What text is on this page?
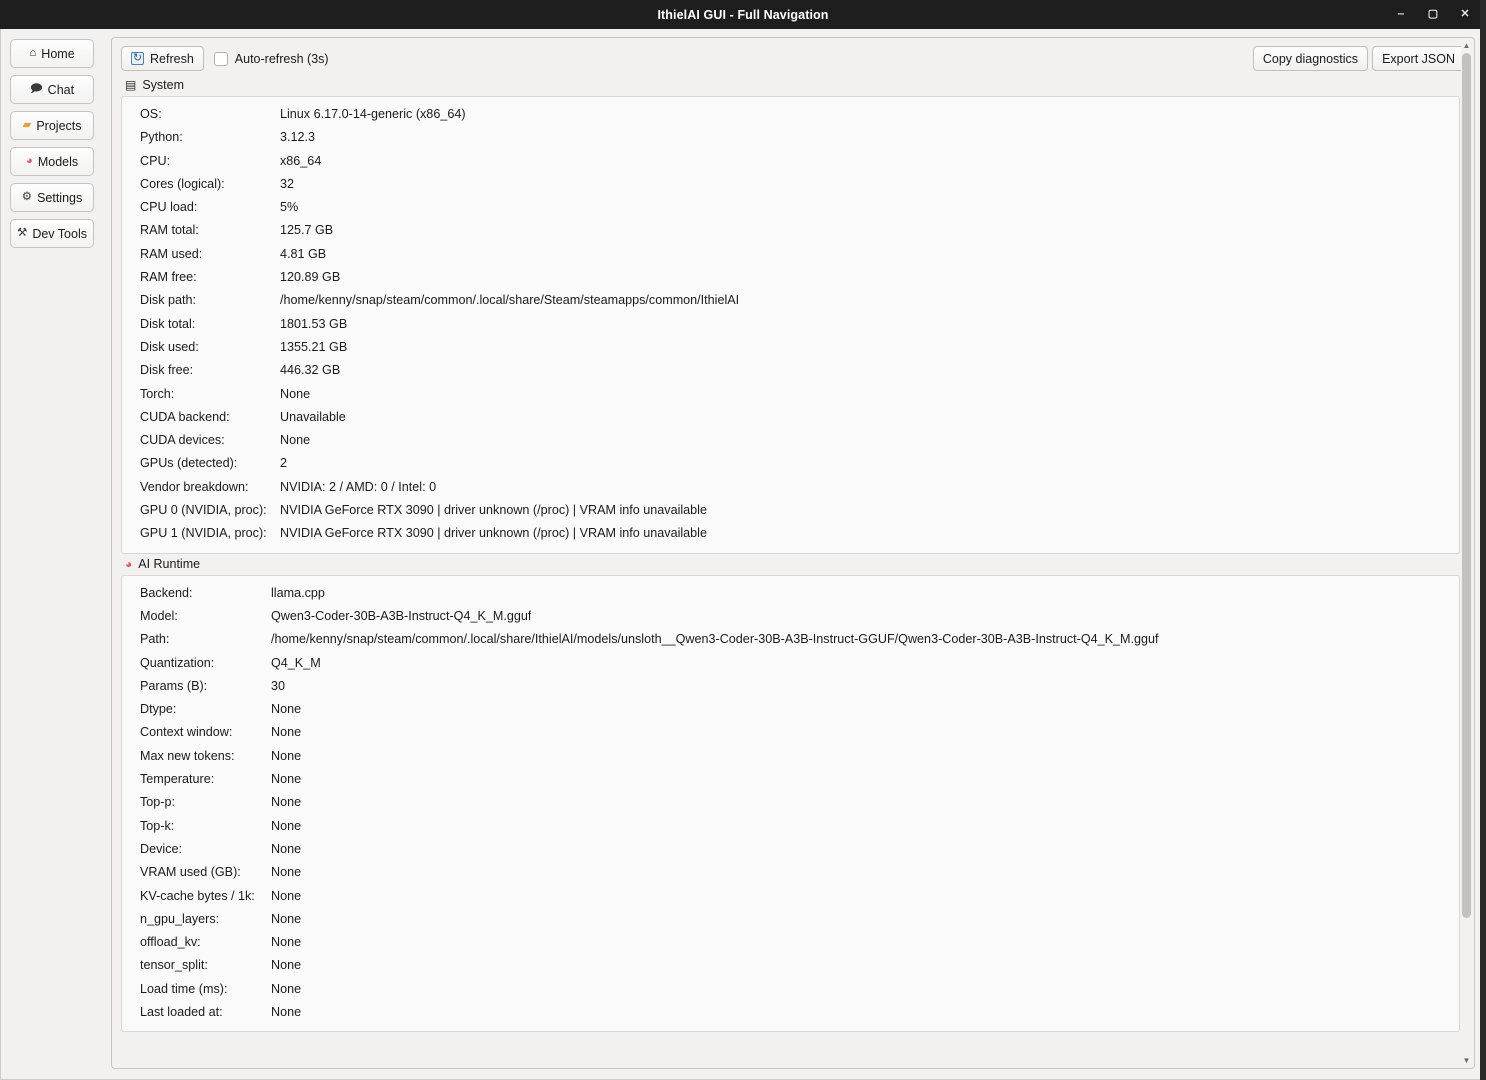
IthielAI GUI - Full Navigation	‒	▢	✕
⌂ Home
🗩 Chat
▰ Projects
◕ Models
⚙ Settings
⚒ Dev Tools
↻
Refresh	Auto-refresh (3s)	Copy diagnostics	Export JSON
▤ System
OS:	Linux 6.17.0-14-generic (x86_64)
Python:	3.12.3
CPU:	x86_64
Cores (logical):	32
CPU load:	5%
RAM total:	125.7 GB
RAM used:	4.81 GB
RAM free:	120.89 GB
Disk path:	/home/kenny/snap/steam/common/.local/share/Steam/steamapps/common/IthielAI
Disk total:	1801.53 GB
Disk used:	1355.21 GB
Disk free:	446.32 GB
Torch:	None
CUDA backend:	Unavailable
CUDA devices:	None
GPUs (detected):	2
Vendor breakdown:	NVIDIA: 2 / AMD: 0 / Intel: 0
GPU 0 (NVIDIA, proc):	NVIDIA GeForce RTX 3090 | driver unknown (/proc) | VRAM info unavailable
GPU 1 (NVIDIA, proc):	NVIDIA GeForce RTX 3090 | driver unknown (/proc) | VRAM info unavailable
◕ AI Runtime
Backend:	llama.cpp
Model:	Qwen3-Coder-30B-A3B-Instruct-Q4_K_M.gguf
Path:	/home/kenny/snap/steam/common/.local/share/IthielAI/models/unsloth__Qwen3-Coder-30B-A3B-Instruct-GGUF/Qwen3-Coder-30B-A3B-Instruct-Q4_K_M.gguf
Quantization:	Q4_K_M
Params (B):	30
Dtype:	None
Context window:	None
Max new tokens:	None
Temperature:	None
Top-p:	None
Top-k:	None
Device:	None
VRAM used (GB):	None
KV-cache bytes / 1k:	None
n_gpu_layers:	None
offload_kv:	None
tensor_split:	None
Load time (ms):	None
Last loaded at:	None
▲
▼
